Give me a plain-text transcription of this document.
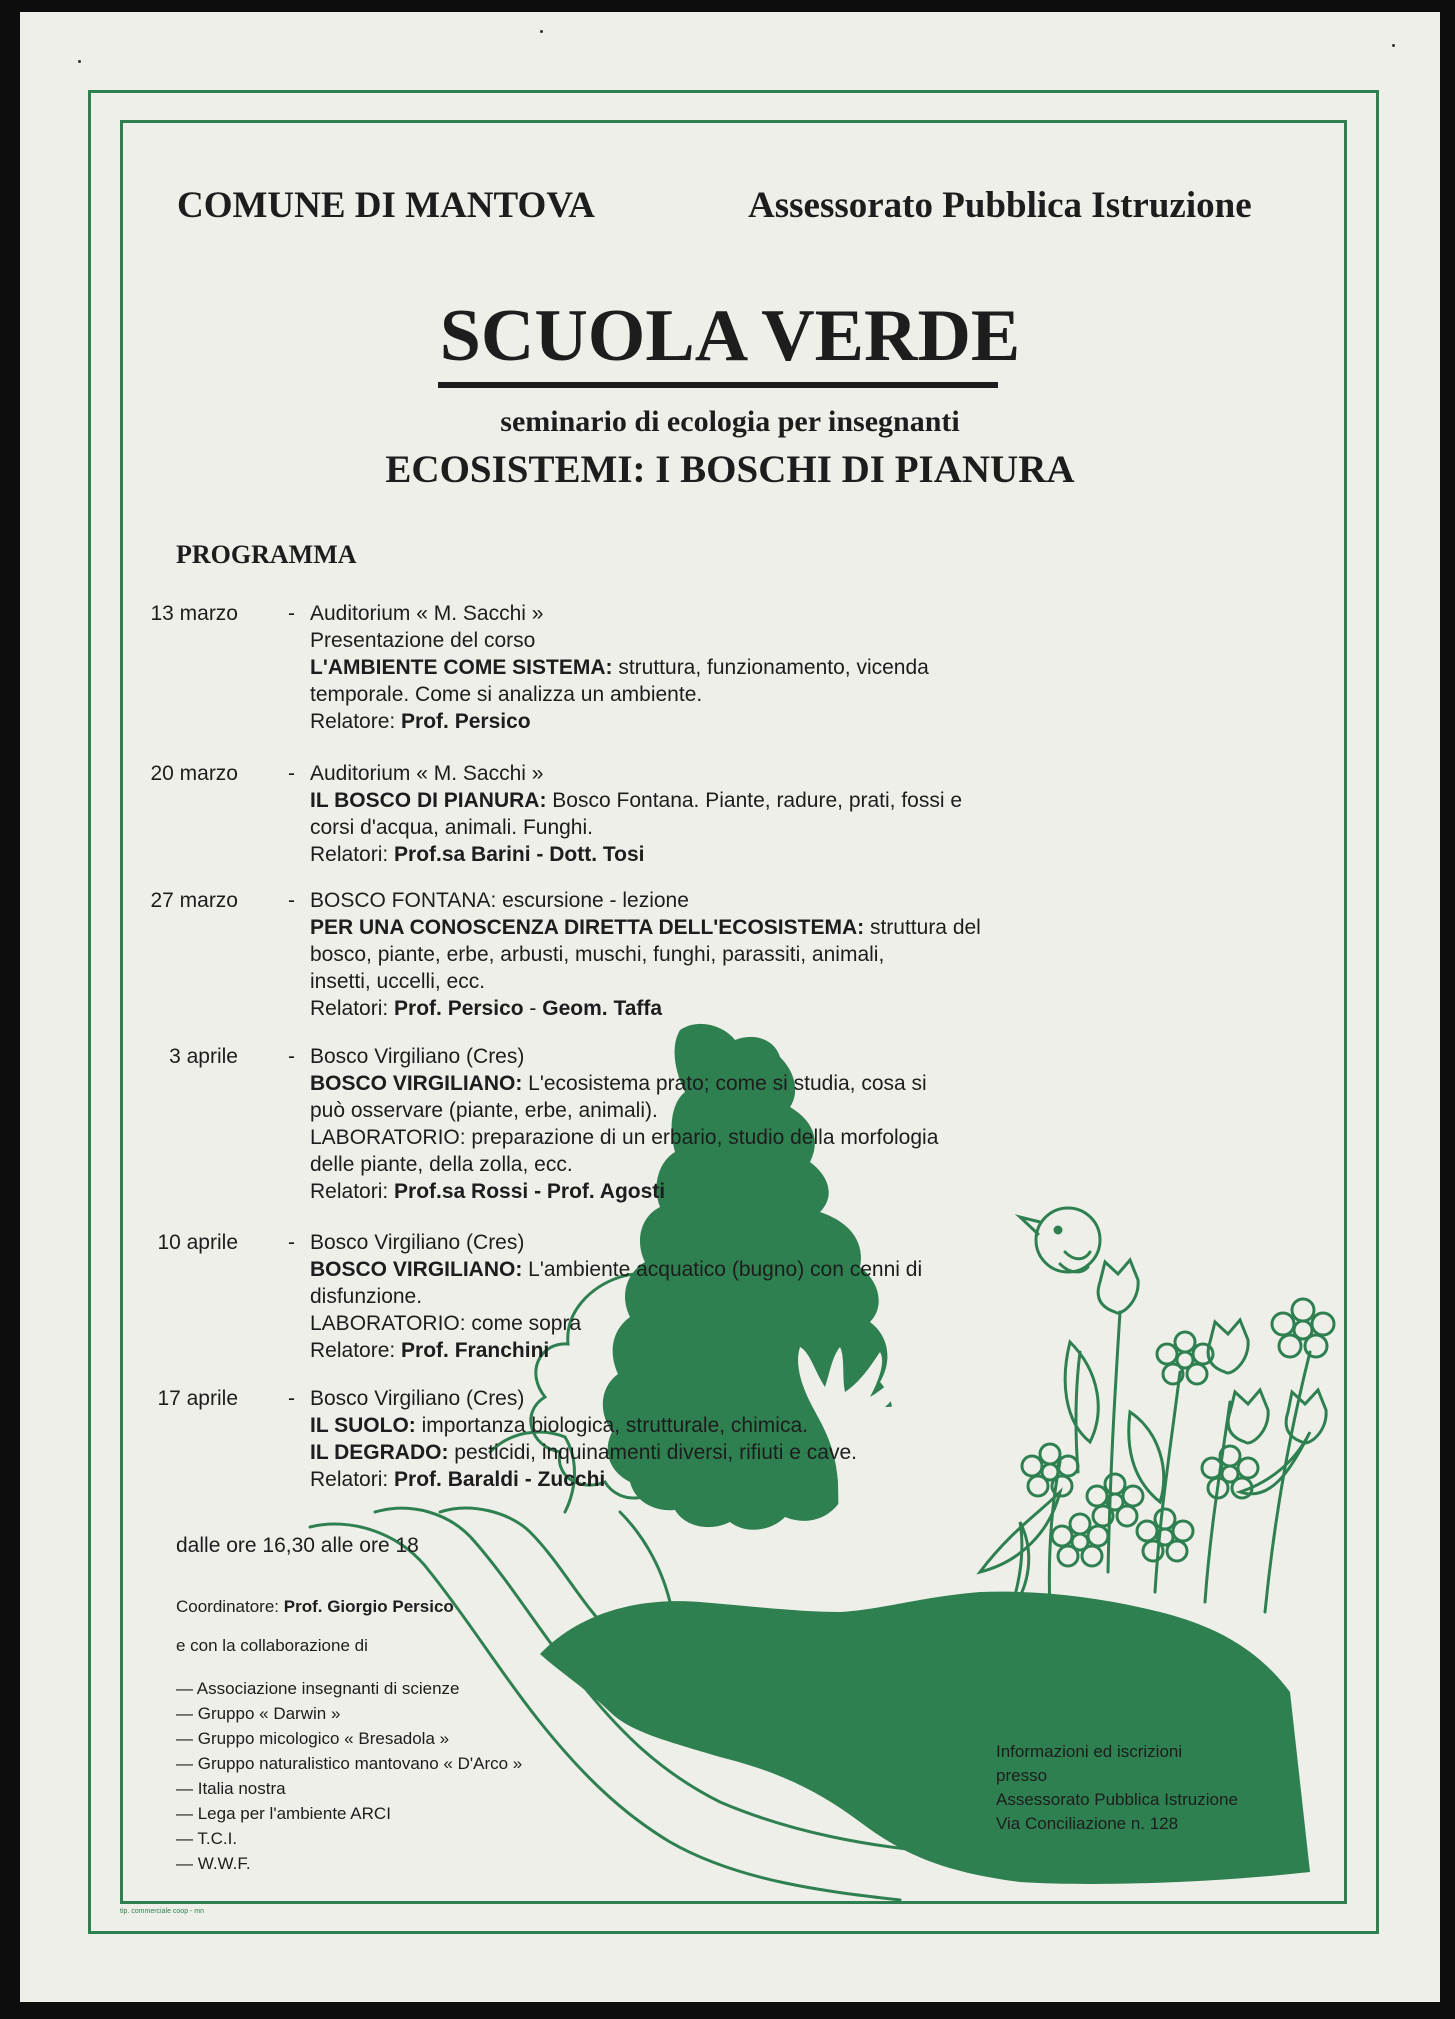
COMUNE DI MANTOVA	Assessorato Pubblica Istruzione
SCUOLA VERDE
seminario di ecologia per insegnanti
ECOSISTEMI: I BOSCHI DI PIANURA
PROGRAMMA
13 marzo - Auditorium « M. Sacchi »
Presentazione del corso
L'AMBIENTE COME SISTEMA: struttura, funzionamento, vicenda
temporale. Come si analizza un ambiente.
Relatore: Prof. Persico
20 marzo - Auditorium « M. Sacchi »
IL BOSCO DI PIANURA: Bosco Fontana. Piante, radure, prati, fossi e
corsi d'acqua, animali. Funghi.
Relatori: Prof.sa Barini - Dott. Tosi
27 marzo - BOSCO FONTANA: escursione - lezione
PER UNA CONOSCENZA DIRETTA DELL'ECOSISTEMA: struttura del
bosco, piante, erbe, arbusti, muschi, funghi, parassiti, animali,
insetti, uccelli, ecc.
Relatori: Prof. Persico - Geom. Taffa
3 aprile - Bosco Virgiliano (Cres)
BOSCO VIRGILIANO: L'ecosistema prato; come si studia, cosa si
può osservare (piante, erbe, animali).
LABORATORIO: preparazione di un erbario, studio della morfologia
delle piante, della zolla, ecc.
Relatori: Prof.sa Rossi - Prof. Agosti
10 aprile - Bosco Virgiliano (Cres)
BOSCO VIRGILIANO: L'ambiente acquatico (bugno) con cenni di
disfunzione.
LABORATORIO: come sopra
Relatore: Prof. Franchini
17 aprile - Bosco Virgiliano (Cres)
IL SUOLO: importanza biologica, strutturale, chimica.
IL DEGRADO: pesticidi, inquinamenti diversi, rifiuti e cave.
Relatori: Prof. Baraldi - Zucchi
dalle ore 16,30 alle ore 18
Coordinatore: Prof. Giorgio Persico
e con la collaborazione di
— Associazione insegnanti di scienze
— Gruppo « Darwin »
— Gruppo micologico « Bresadola »
— Gruppo naturalistico mantovano « D'Arco »
— Italia nostra
— Lega per l'ambiente ARCI
— T.C.I.
— W.W.F.
Informazioni ed iscrizioni
presso
Assessorato Pubblica Istruzione
Via Conciliazione n. 128
tip. commerciale coop - mn
